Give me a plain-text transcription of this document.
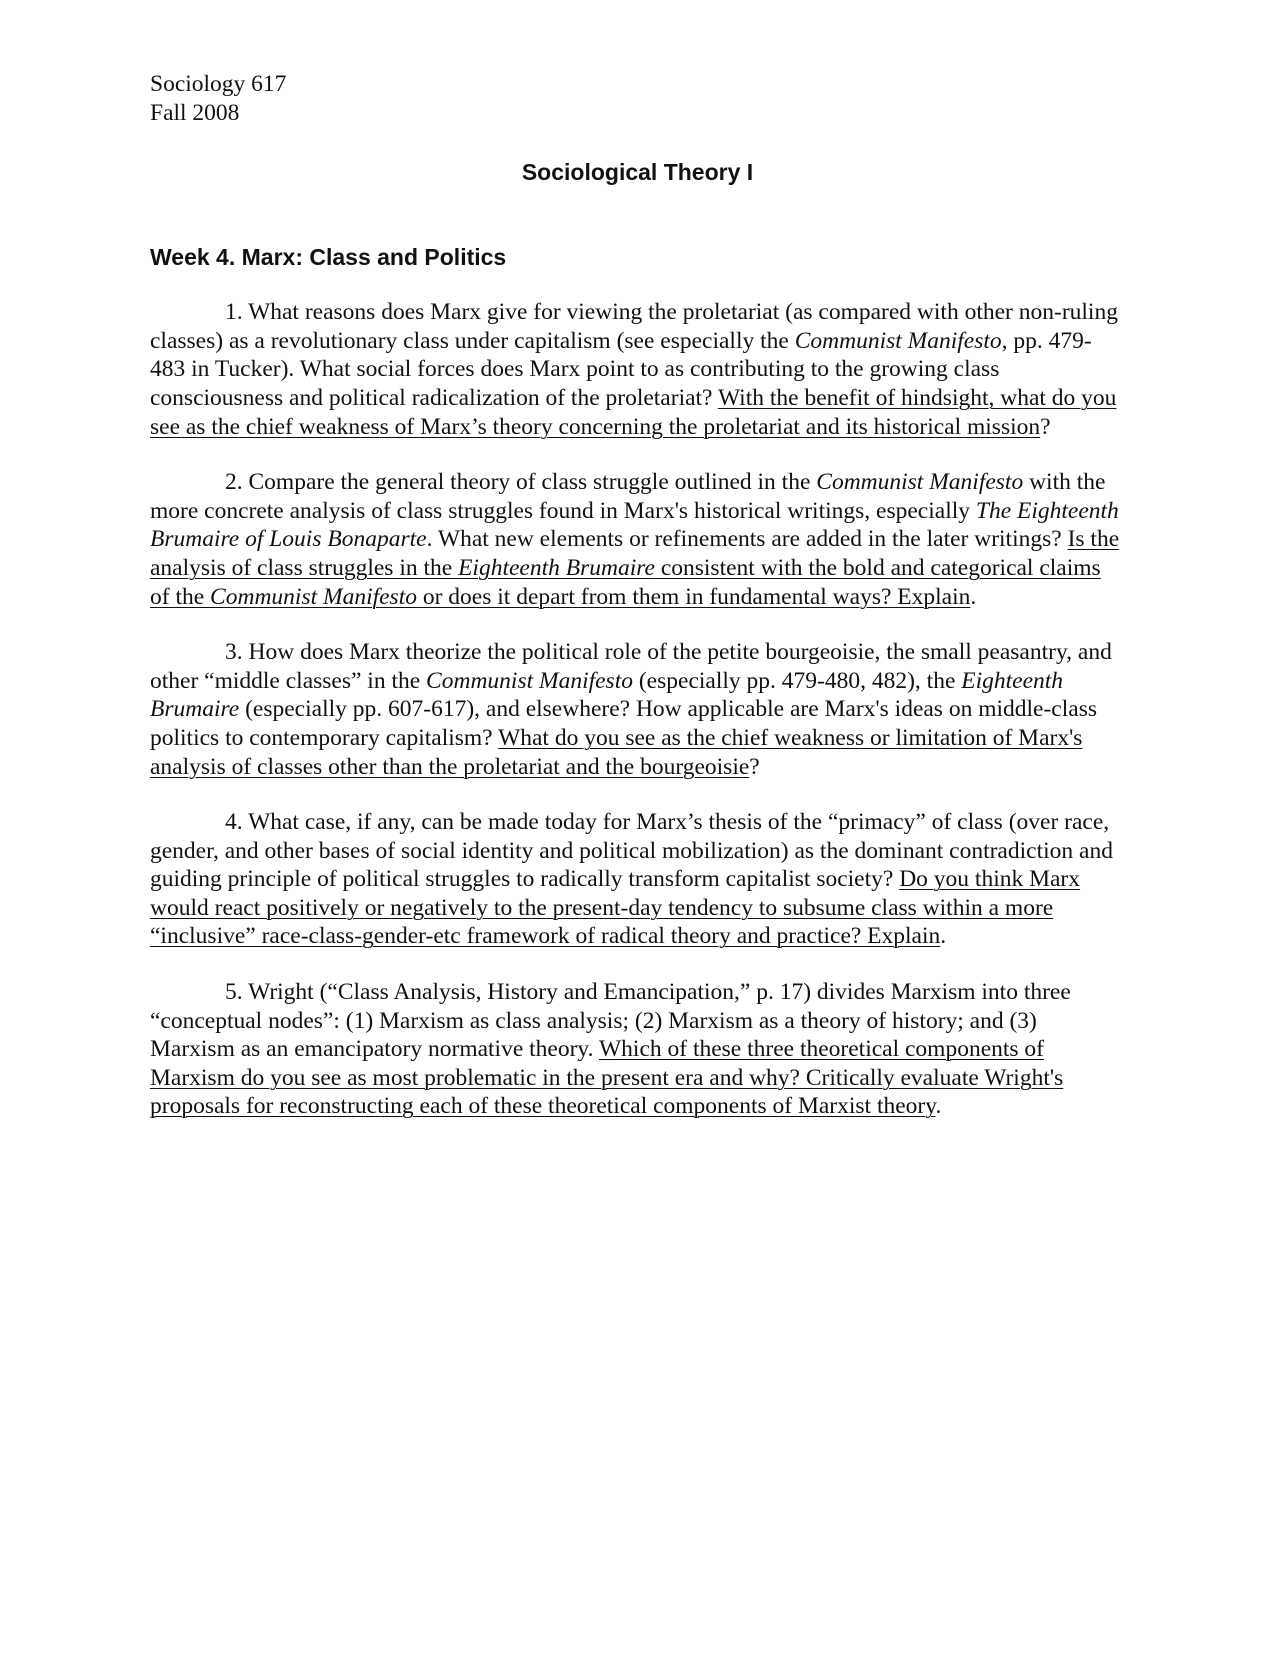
Sociology 617
Fall 2008
Sociological Theory I
Week 4. Marx: Class and Politics

1. What reasons does Marx give for viewing the proletariat (as compared with other non-ruling classes) as a revolutionary class under capitalism (see especially the Communist Manifesto, pp. 479-483 in Tucker). What social forces does Marx point to as contributing to the growing class consciousness and political radicalization of the proletariat? With the benefit of hindsight, what do you see as the chief weakness of Marx’s theory concerning the proletariat and its historical mission?

2. Compare the general theory of class struggle outlined in the Communist Manifesto with the more concrete analysis of class struggles found in Marx's historical writings, especially The Eighteenth Brumaire of Louis Bonaparte. What new elements or refinements are added in the later writings? Is the analysis of class struggles in the Eighteenth Brumaire consistent with the bold and categorical claims of the Communist Manifesto or does it depart from them in fundamental ways? Explain.

3. How does Marx theorize the political role of the petite bourgeoisie, the small peasantry, and other “middle classes” in the Communist Manifesto (especially pp. 479-480, 482), the Eighteenth Brumaire (especially pp. 607-617), and elsewhere? How applicable are Marx's ideas on middle-class politics to contemporary capitalism? What do you see as the chief weakness or limitation of Marx's analysis of classes other than the proletariat and the bourgeoisie?

4. What case, if any, can be made today for Marx’s thesis of the “primacy” of class (over race, gender, and other bases of social identity and political mobilization) as the dominant contradiction and guiding principle of political struggles to radically transform capitalist society? Do you think Marx would react positively or negatively to the present-day tendency to subsume class within a more “inclusive” race-class-gender-etc framework of radical theory and practice? Explain.

5. Wright (“Class Analysis, History and Emancipation,” p. 17) divides Marxism into three “conceptual nodes”: (1) Marxism as class analysis; (2) Marxism as a theory of history; and (3) Marxism as an emancipatory normative theory. Which of these three theoretical components of Marxism do you see as most problematic in the present era and why? Critically evaluate Wright's proposals for reconstructing each of these theoretical components of Marxist theory.
